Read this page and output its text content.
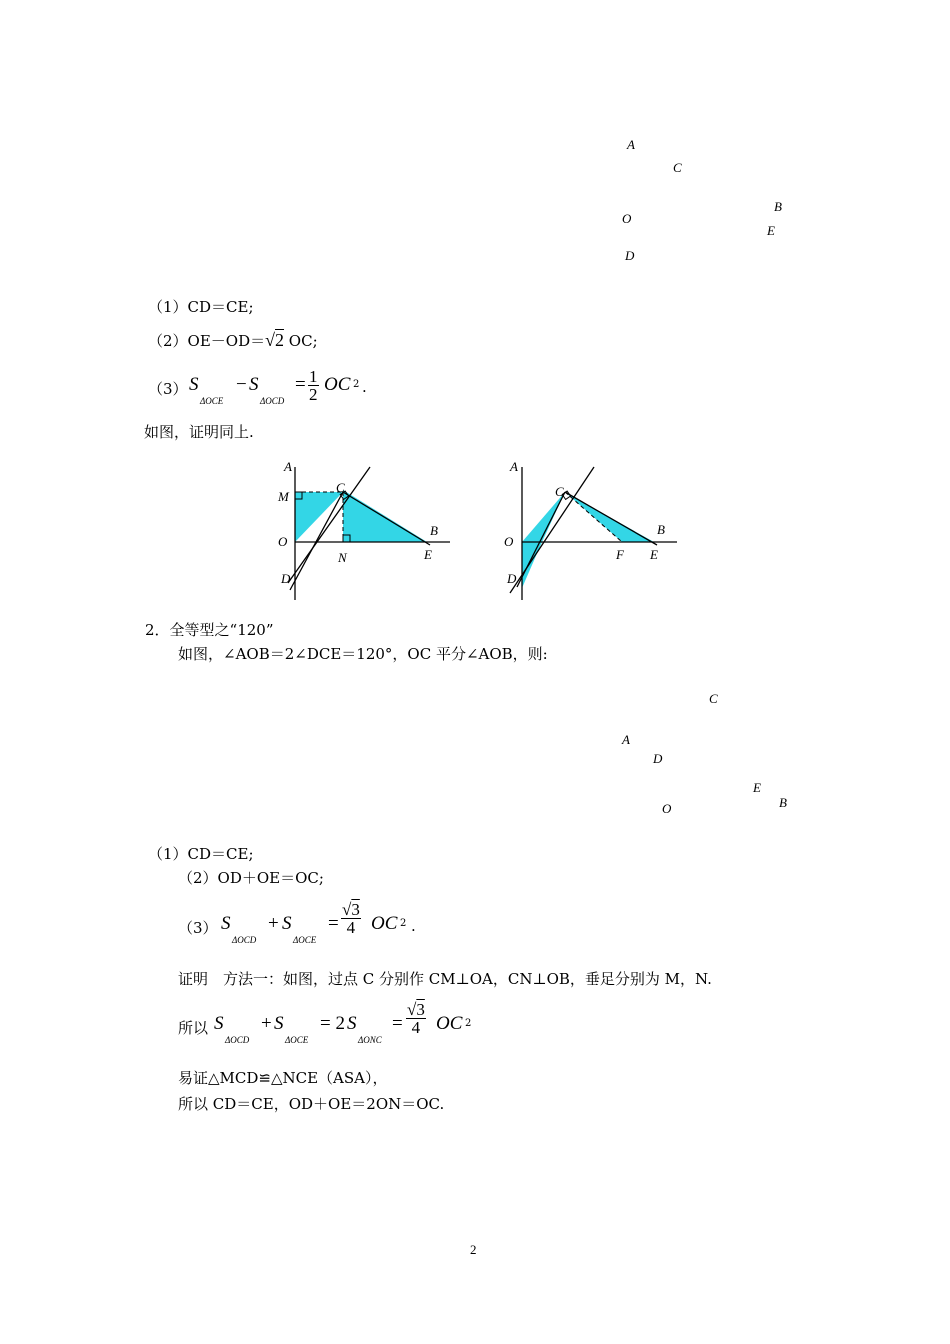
A
C
B
O
E
D
（1）CD＝CE;
（2）OE－OD＝√2 OC;
（3） S
ΔOCE
− S
ΔOCD
= $\frac{1}{2}$ OC 2 .
如图，证明同上.
A
M
C
O
N
B
E
D
A
C
O
F
B
E
D
2．全等型之“120”
如图，∠AOB＝2∠DCE＝120°，OC 平分∠AOB，则:
C
A
D
E
B
O
（1）CD＝CE;
（2）OD＋OE＝OC;
（3） S
ΔOCD
+ S
ΔOCE
= $\frac{√3}{4}$ OC 2 .
证明　方法一：如图，过点 C 分别作 CM⊥OA，CN⊥OB，垂足分别为 M，N.
所以 S
ΔOCD
+ S
ΔOCE
= 2 S
ΔONC
= $\frac{√3}{4}$ OC 2
易证△MCD≌△NCE（ASA），
所以 CD＝CE，OD＋OE＝2ON＝OC.
2
